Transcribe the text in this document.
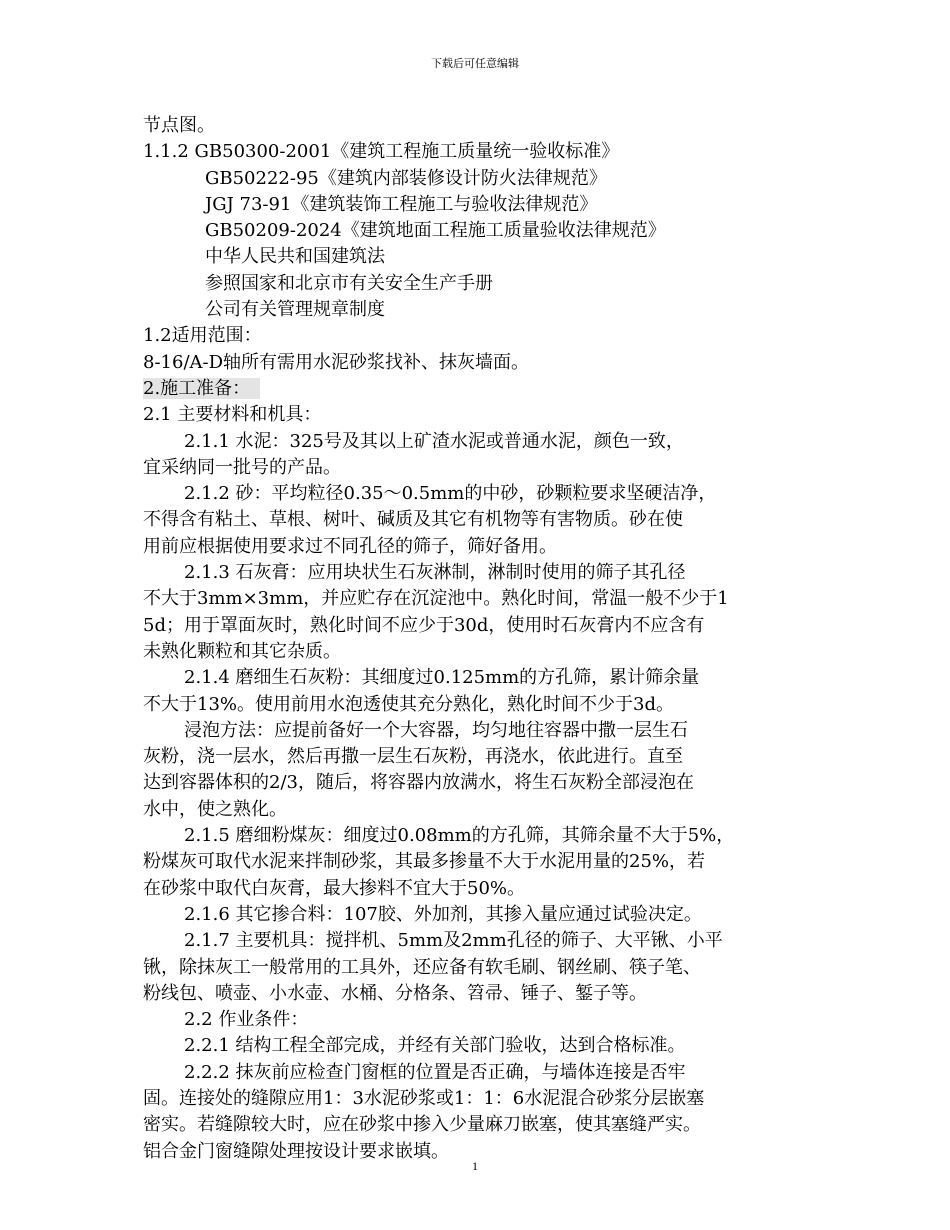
下载后可任意编辑
节点图。
1.1.2 GB50300-2001《建筑工程施工质量统一验收标准》
GB50222-95《建筑内部装修设计防火法律规范》
JGJ 73-91《建筑装饰工程施工与验收法律规范》
GB50209-2024《建筑地面工程施工质量验收法律规范》
中华人民共和国建筑法
参照国家和北京市有关安全生产手册
公司有关管理规章制度
1.2适用范围：
8-16/A-D轴所有需用水泥砂浆找补、抹灰墙面。
2.施工准备：
2.1 主要材料和机具：
2.1.1 水泥：325号及其以上矿渣水泥或普通水泥，颜色一致，
宜采纳同一批号的产品。
2.1.2 砂：平均粒径0.35～0.5mm的中砂，砂颗粒要求坚硬洁净，
不得含有粘土、草根、树叶、碱质及其它有机物等有害物质。砂在使
用前应根据使用要求过不同孔径的筛子，筛好备用。
2.1.3 石灰膏：应用块状生石灰淋制，淋制时使用的筛子其孔径
不大于3mm×3mm，并应贮存在沉淀池中。熟化时间，常温一般不少于1
5d；用于罩面灰时，熟化时间不应少于30d，使用时石灰膏内不应含有
未熟化颗粒和其它杂质。
2.1.4 磨细生石灰粉：其细度过0.125mm的方孔筛，累计筛余量
不大于13%。使用前用水泡透使其充分熟化，熟化时间不少于3d。
浸泡方法：应提前备好一个大容器，均匀地往容器中撒一层生石
灰粉，浇一层水，然后再撒一层生石灰粉，再浇水，依此进行。直至
达到容器体积的2/3，随后，将容器内放满水，将生石灰粉全部浸泡在
水中，使之熟化。
2.1.5 磨细粉煤灰：细度过0.08mm的方孔筛，其筛余量不大于5%，
粉煤灰可取代水泥来拌制砂浆，其最多掺量不大于水泥用量的25%，若
在砂浆中取代白灰膏，最大掺料不宜大于50%。
2.1.6 其它掺合料：107胶、外加剂，其掺入量应通过试验决定。
2.1.7 主要机具：搅拌机、5mm及2mm孔径的筛子、大平锹、小平
锹，除抹灰工一般常用的工具外，还应备有软毛刷、钢丝刷、筷子笔、
粉线包、喷壶、小水壶、水桶、分格条、笤帚、锤子、錾子等。
2.2 作业条件：
2.2.1 结构工程全部完成，并经有关部门验收，达到合格标准。
2.2.2 抹灰前应检查门窗框的位置是否正确，与墙体连接是否牢
固。连接处的缝隙应用1：3水泥砂浆或1：1：6水泥混合砂浆分层嵌塞
密实。若缝隙较大时，应在砂浆中掺入少量麻刀嵌塞，使其塞缝严实。
铝合金门窗缝隙处理按设计要求嵌填。
1
